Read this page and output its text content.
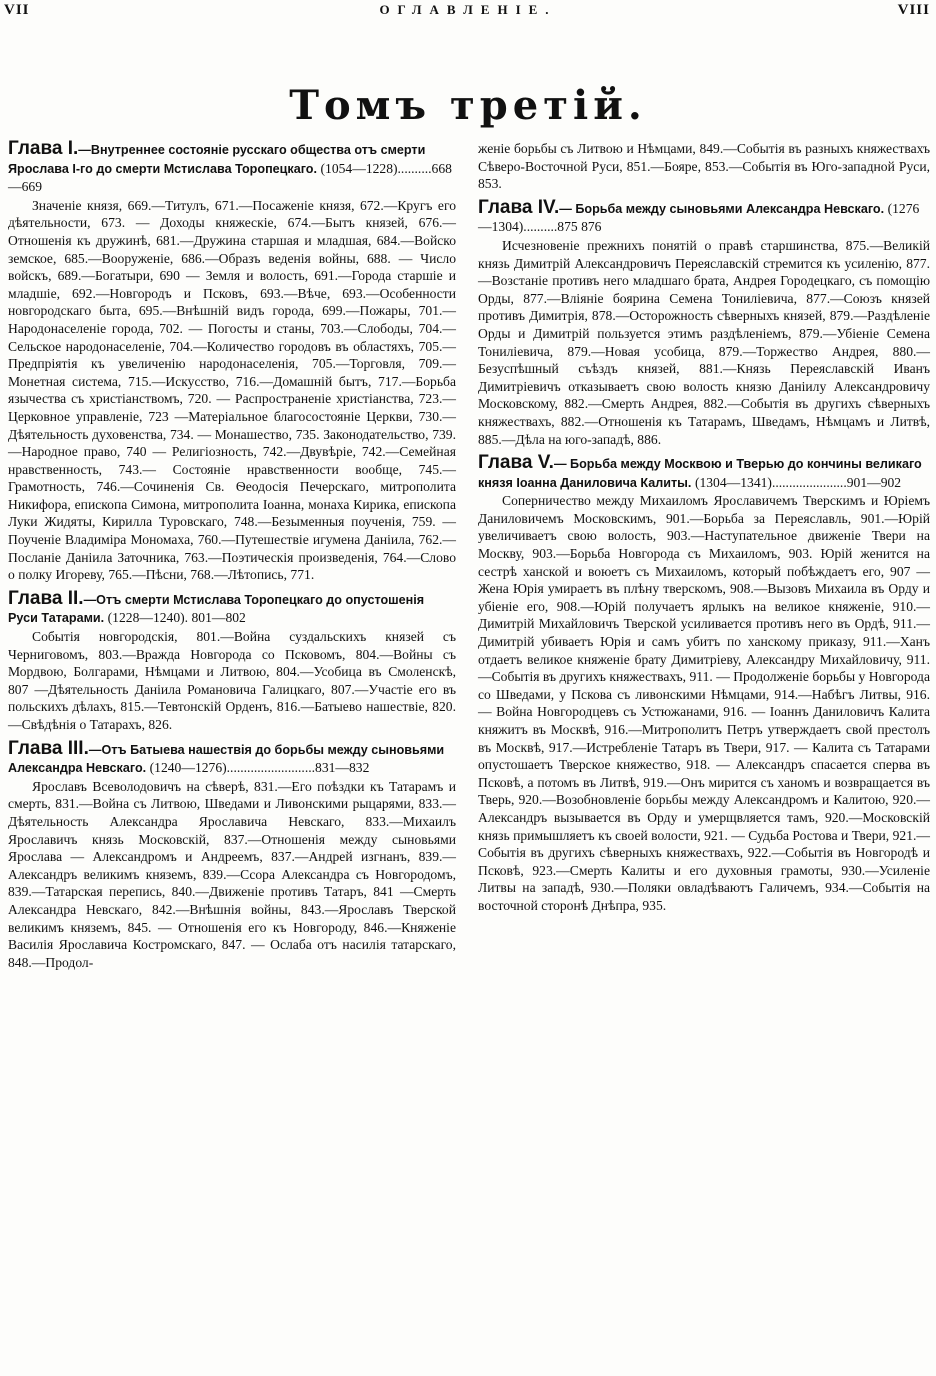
VII	ОГЛАВЛЕНІЕ.	VIII
Томъ третій.
Глава I.—Внутреннее состояніе русскаго общества отъ смерти Ярослава I-го до смерти Мстислава Торопецкаго. (1054—1228)..........668—669
Значеніе князя, 669.—Титулъ, 671.—Посаженіе князя, 672.—Кругъ его дѣятельности, 673. — Доходы княжескіе, 674.—Бытъ князей, 676.—Отношенія къ дружинѣ, 681.—Дружина старшая и младшая, 684.—Войско земское, 685.—Вооруженіе, 686.—Образъ веденія войны, 688. — Число войскъ, 689.—Богатыри, 690 — Земля и волость, 691.—Города старшіе и младшіе, 692.—Новгородъ и Псковъ, 693.—Вѣче, 693.—Особенности новгородскаго быта, 695.—Внѣшній видъ города, 699.—Пожары, 701.—Народонаселеніе города, 702. — Погосты и станы, 703.—Слободы, 704.—Сельское народонаселеніе, 704.—Количество городовъ въ областяхъ, 705.—Предпріятія къ увеличенію народонаселенія, 705.—Торговля, 709.—Монетная система, 715.—Искусство, 716.—Домашній бытъ, 717.—Борьба язычества съ христіанствомъ, 720. — Распространеніе христіанства, 723.—Церковное управленіе, 723 —Матеріальное благосостояніе Церкви, 730.—Дѣятельность духовенства, 734. — Монашество, 735. Законодательство, 739.—Народное право, 740 — Религіозность, 742.—Двувѣріе, 742.—Семейная нравственность, 743.— Состояніе нравственности вообще, 745.—Грамотность, 746.—Сочиненія Св. Ѳеодосія Печерскаго, митрополита Никифора, епископа Симона, митрополита Іоанна, монаха Кирика, епископа Луки Жидяты, Кирилла Туровскаго, 748.—Безыменныя поученія, 759. — Поученіе Владиміра Мономаха, 760.—Путешествіе игумена Даніила, 762.—Посланіе Даніила Заточника, 763.—Поэтическія произведенія, 764.—Слово о полку Игореву, 765.—Пѣсни, 768.—Лѣтопись, 771.
Глава II.—Отъ смерти Мстислава Торопецкаго до опустошенія Руси Татарами. (1228—1240). 801—802
Событія новгородскія, 801.—Война суздальскихъ князей съ Черниговомъ, 803.—Вражда Новгорода со Псковомъ, 804.—Войны съ Мордвою, Болгарами, Нѣмцами и Литвою, 804.—Усобица въ Смоленскѣ, 807 —Дѣятельность Даніила Романовича Галицкаго, 807.—Участіе его въ польскихъ дѣлахъ, 815.—Тевтонскій Орденъ, 816.—Батыево нашествіе, 820.—Свѣдѣнія о Татарахъ, 826.
Глава III.—Отъ Батыева нашествія до борьбы между сыновьями Александра Невскаго. (1240—1276)..........................831—832
Ярославъ Всеволодовичъ на сѣверѣ, 831.—Его поѣздки къ Татарамъ и смерть, 831.—Война съ Литвою, Шведами и Ливонскими рыцарями, 833.—Дѣятельность Александра Ярославича Невскаго, 833.—Михаилъ Ярославичъ князь Московскій, 837.—Отношенія между сыновьями Ярослава — Александромъ и Андреемъ, 837.—Андрей изгнанъ, 839.—Александръ великимъ княземъ, 839.—Ссора Александра съ Новгородомъ, 839.—Татарская перепись, 840.—Движеніе противъ Татаръ, 841 —Смерть Александра Невскаго, 842.—Внѣшнія войны, 843.—Ярославъ Тверской великимъ княземъ, 845. — Отношенія его къ Новгороду, 846.—Княженіе Василія Ярославича Костромскаго, 847. — Ослаба отъ насилія татарскаго, 848.—Продол-
женіе борьбы съ Литвою и Нѣмцами, 849.—Событія въ разныхъ княжествахъ Сѣверо-Восточной Руси, 851.—Бояре, 853.—Событія въ Юго-западной Руси, 853.
Глава IV.— Борьба между сыновьями Александра Невскаго. (1276—1304)..........875 876
Исчезновеніе прежнихъ понятій о правѣ старшинства, 875.—Великій князь Димитрій Александровичъ Переяславскій стремится къ усиленію, 877.—Возстаніе противъ него младшаго брата, Андрея Городецкаго, съ помощію Орды, 877.—Вліяніе боярина Семена Тониліевича, 877.—Союзъ князей противъ Димитрія, 878.—Осторожность сѣверныхъ князей, 879.—Раздѣленіе Орды и Димитрій пользуется этимъ раздѣленіемъ, 879.—Убіеніе Семена Тониліевича, 879.—Новая усобица, 879.—Торжество Андрея, 880.—Безуспѣшный съѣздъ князей, 881.—Князь Переяславскій Иванъ Димитріевичъ отказываетъ свою волость князю Даніилу Александровичу Московскому, 882.—Смерть Андрея, 882.—Событія въ другихъ сѣверныхъ княжествахъ, 882.—Отношенія къ Татарамъ, Шведамъ, Нѣмцамъ и Литвѣ, 885.—Дѣла на юго-западѣ, 886.
Глава V.— Борьба между Москвою и Тверью до кончины великаго князя Іоанна Даниловича Калиты. (1304—1341)......................901—902
Соперничество между Михаиломъ Ярославичемъ Тверскимъ и Юріемъ Даниловичемъ Московскимъ, 901.—Борьба за Переяславль, 901.—Юрій увеличиваетъ свою волость, 903.—Наступательное движеніе Твери на Москву, 903.—Борьба Новгорода съ Михаиломъ, 903. Юрій женится на сестрѣ ханской и воюетъ съ Михаиломъ, который побѣждаетъ его, 907 — Жена Юрія умираетъ въ плѣну тверскомъ, 908.—Вызовъ Михаила въ Орду и убіеніе его, 908.—Юрій получаетъ ярлыкъ на великое княженіе, 910.—Димитрій Михайловичъ Тверской усиливается противъ него въ Ордѣ, 911.—Димитрій убиваетъ Юрія и самъ убитъ по ханскому приказу, 911.—Ханъ отдаетъ великое княженіе брату Димитріеву, Александру Михайловичу, 911.—Событія въ другихъ княжествахъ, 911. — Продолженіе борьбы у Новгорода со Шведами, у Пскова съ ливонскими Нѣмцами, 914.—Набѣгъ Литвы, 916. — Война Новгородцевъ съ Устюжанами, 916. — Іоаннъ Даниловичъ Калита княжитъ въ Москвѣ, 916.—Митрополитъ Петръ утверждаетъ свой престолъ въ Москвѣ, 917.—Истребленіе Татаръ въ Твери, 917. — Калита съ Татарами опустошаетъ Тверское княжество, 918. — Александръ спасается сперва въ Псковѣ, а потомъ въ Литвѣ, 919.—Онъ мирится съ ханомъ и возвращается въ Тверь, 920.—Возобновленіе борьбы между Александромъ и Калитою, 920.—Александръ вызывается въ Орду и умерщвляется тамъ, 920.—Московскій князь примышляетъ къ своей волости, 921. — Судьба Ростова и Твери, 921.—Событія въ другихъ сѣверныхъ княжествахъ, 922.—Событія въ Новгородѣ и Псковѣ, 923.—Смерть Калиты и его духовныя грамоты, 930.—Усиленіе Литвы на западѣ, 930.—Поляки овладѣваютъ Галичемъ, 934.—Событія на восточной сторонѣ Днѣпра, 935.
